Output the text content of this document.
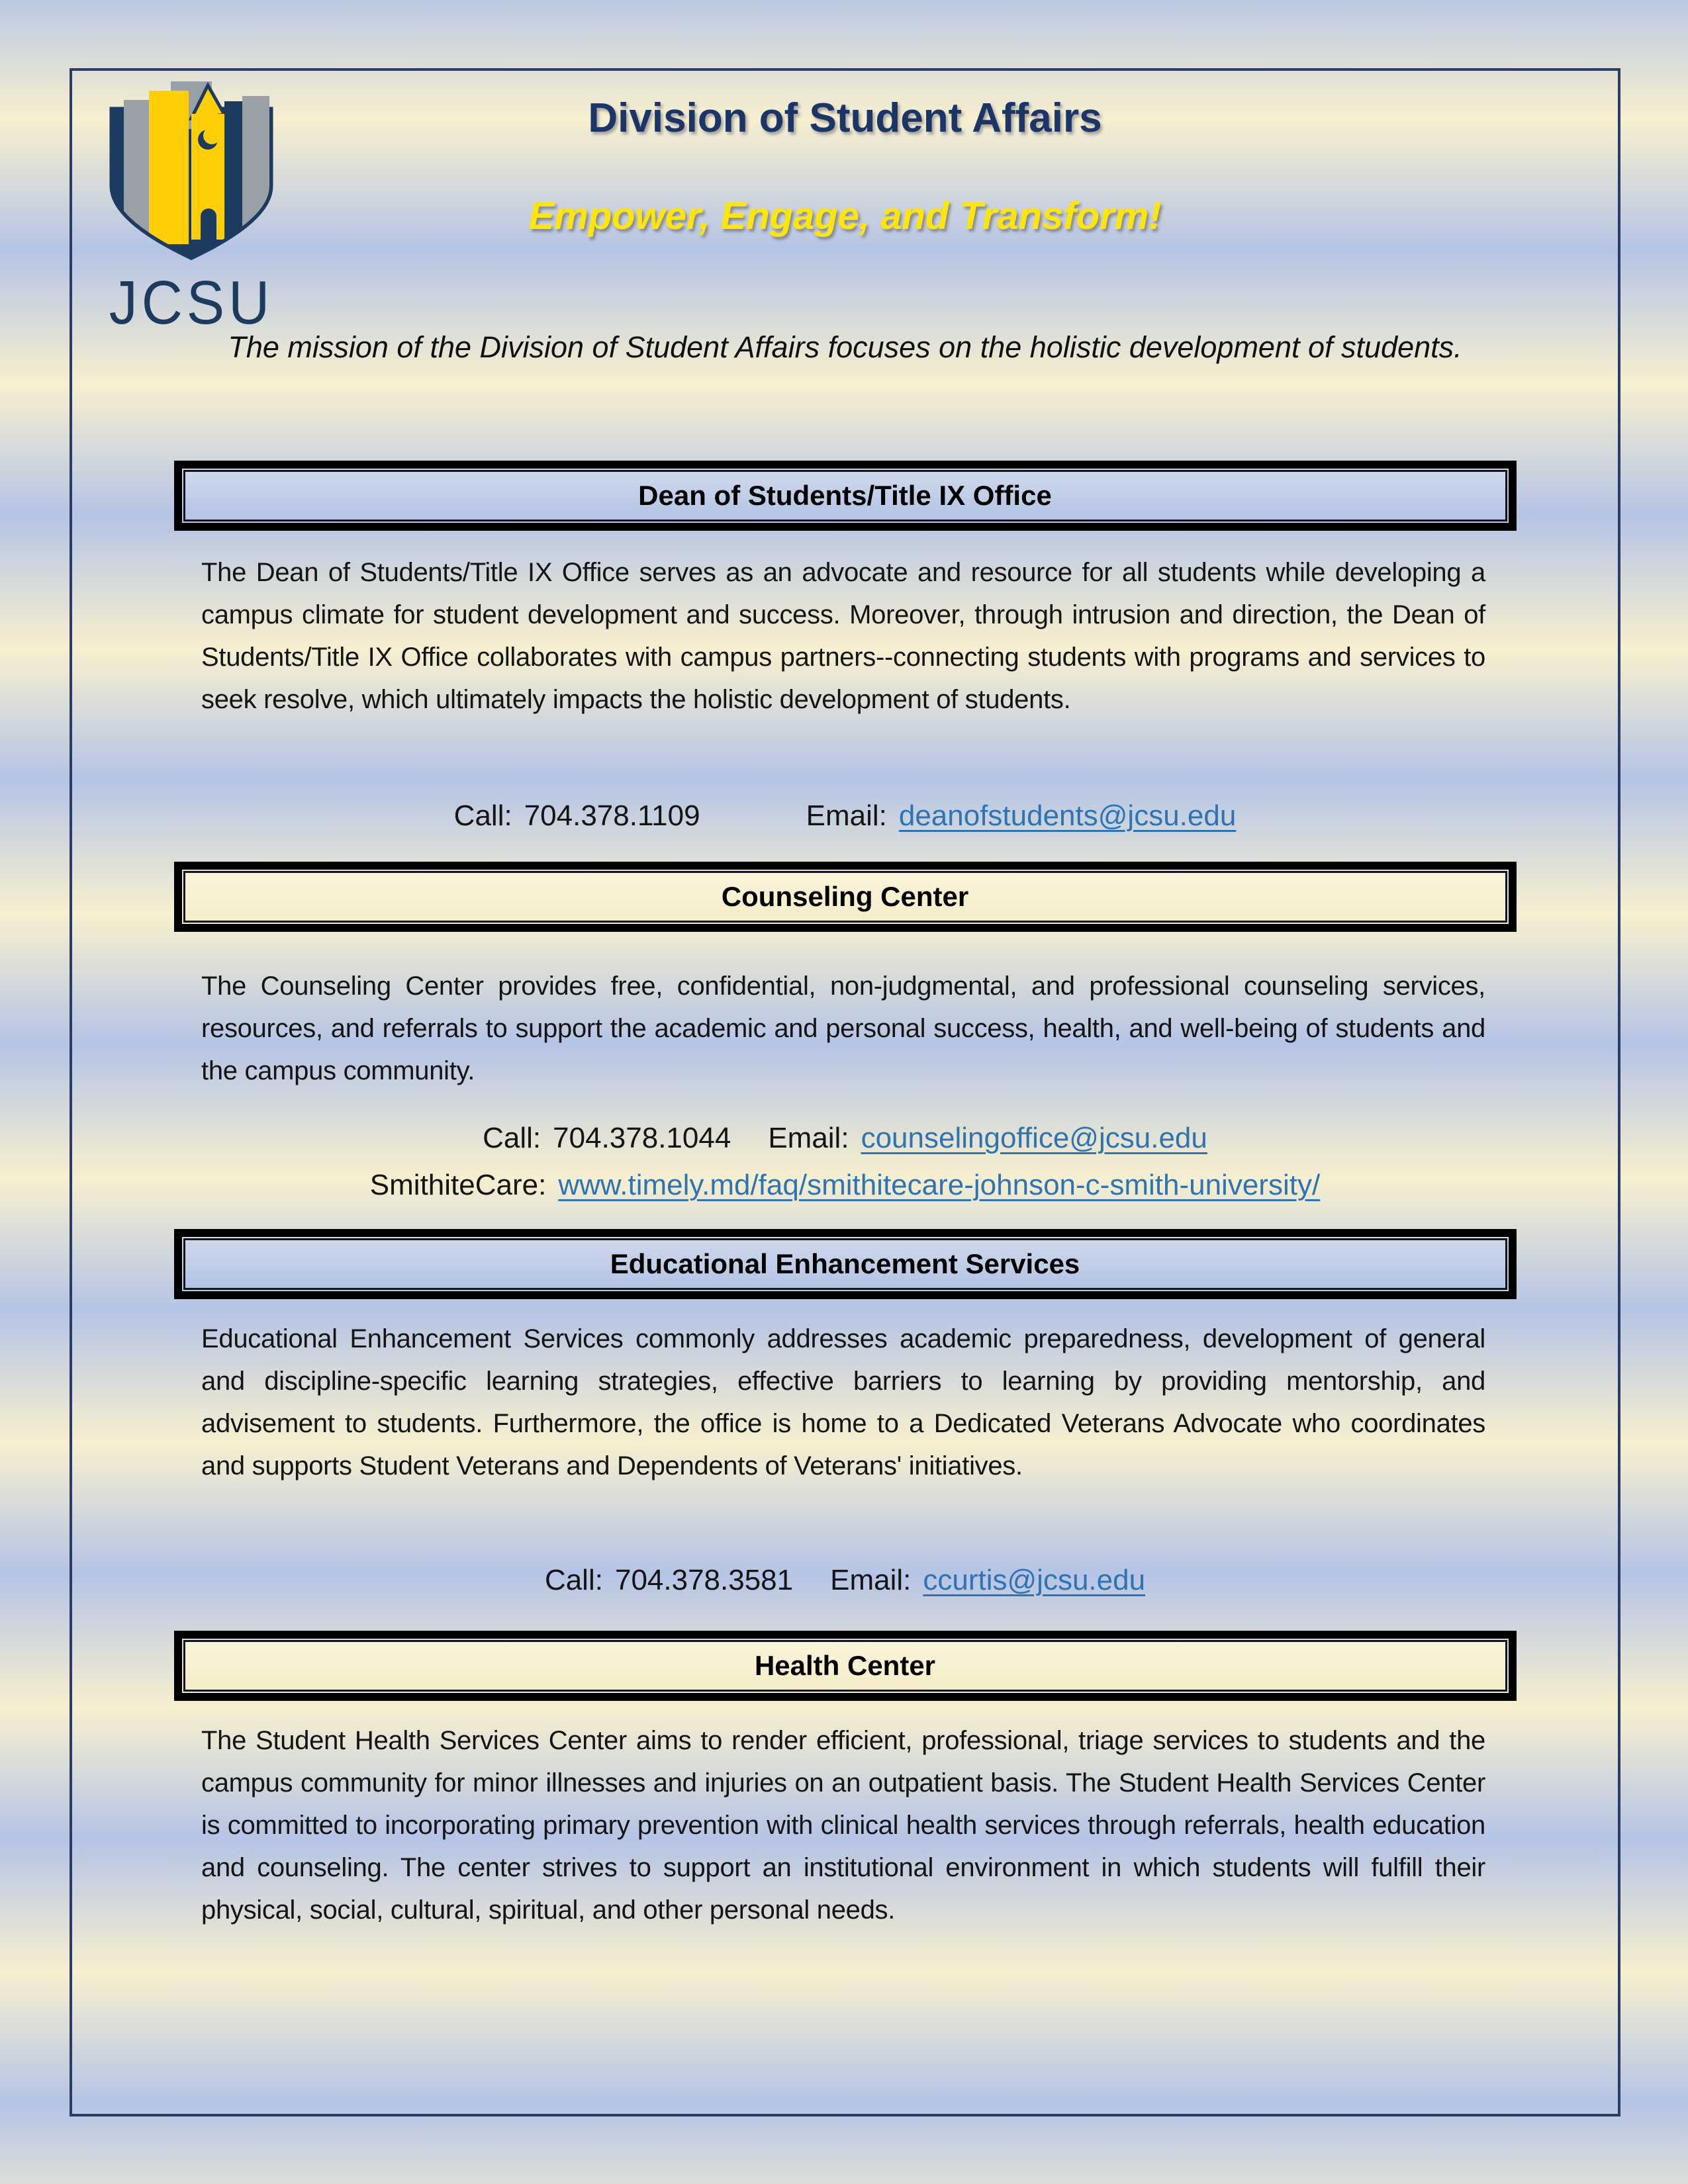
JCSU
Division of Student Affairs
Empower, Engage, and Transform!
The mission of the Division of Student Affairs focuses on the holistic development of students.
Dean of Students/Title IX Office
The Dean of Students/Title IX Office serves as an advocate and resource for all students while developing a campus climate for student development and success. Moreover, through intrusion and direction, the Dean of Students/Title IX Office collaborates with campus partners--connecting students with programs and services to seek resolve, which ultimately impacts the holistic development of students.
Call: 704.378.1109	Email: deanofstudents@jcsu.edu
Counseling Center
The Counseling Center provides free, confidential, non-judgmental, and professional counseling services, resources, and referrals to support the academic and personal success, health, and well-being of students and the campus community.
Call: 704.378.1044 Email: counselingoffice@jcsu.edu
SmithiteCare: www.timely.md/faq/smithitecare-johnson-c-smith-university/
Educational Enhancement Services
Educational Enhancement Services commonly addresses academic preparedness, development of general and discipline-specific learning strategies, effective barriers to learning by providing mentorship, and advisement to students. Furthermore, the office is home to a Dedicated Veterans Advocate who coordinates and supports Student Veterans and Dependents of Veterans' initiatives.
Call: 704.378.3581 Email: ccurtis@jcsu.edu
Health Center
The Student Health Services Center aims to render efficient, professional, triage services to students and the campus community for minor illnesses and injuries on an outpatient basis. The Student Health Services Center is committed to incorporating primary prevention with clinical health services through referrals, health education and counseling. The center strives to support an institutional environment in which students will fulfill their physical, social, cultural, spiritual, and other personal needs.
